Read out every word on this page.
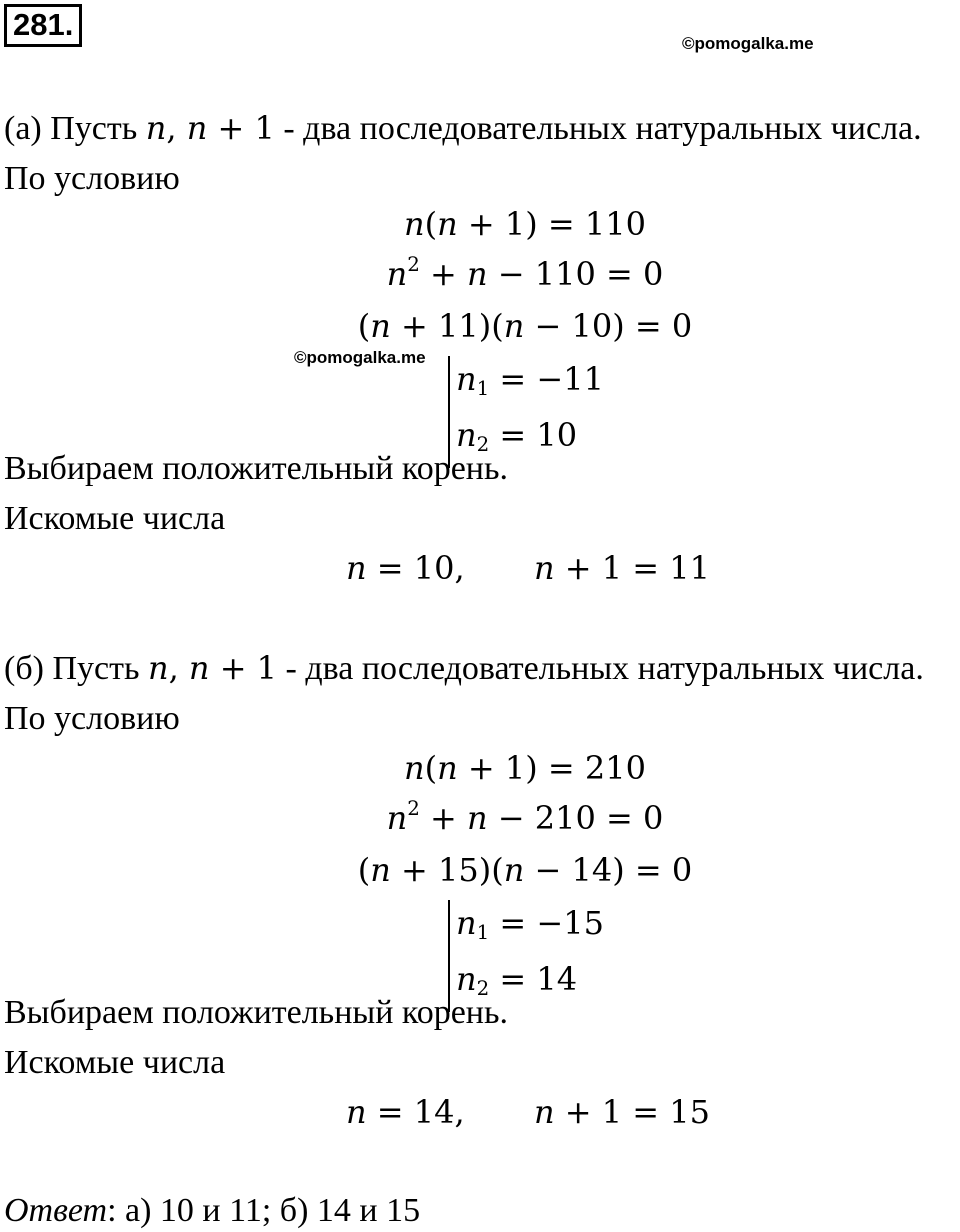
281.
©pomogalka.me
(а) Пусть n, n + 1 - два последовательных натуральных числа.
По условию
n(n + 1) = 110
$n^2 + n - 110 = 0$
(n + 11)(n − 10) = 0
©pomogalka.me
$n_1 = -11$
$n_2 = 10$
Выбираем положительный корень.
Искомые числа
n = 10, n + 1 = 11
(б) Пусть n, n + 1 - два последовательных натуральных числа.
По условию
n(n + 1) = 210
$n^2 + n - 210 = 0$
(n + 15)(n − 14) = 0
$n_1 = -15$
$n_2 = 14$
Выбираем положительный корень.
Искомые числа
n = 14, n + 1 = 15
Ответ: а) 10 и 11; б) 14 и 15
